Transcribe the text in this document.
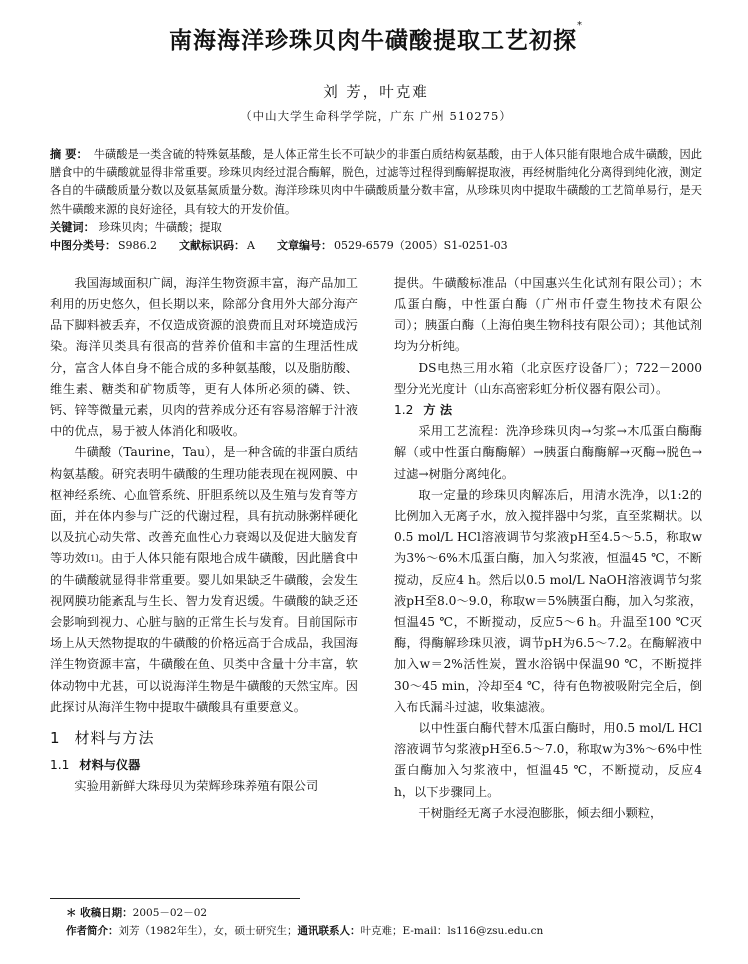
南海海洋珍珠贝肉牛磺酸提取工艺初探*
刘 芳，叶克难
（中山大学生命科学学院，广东 广州 510275）
摘 要： 牛磺酸是一类含硫的特殊氨基酸，是人体正常生长不可缺少的非蛋白质结构氨基酸，由于人体只能有限地合成牛磺酸，因此膳食中的牛磺酸就显得非常重要。珍珠贝肉经过混合酶解，脱色，过滤等过程得到酶解提取液，再经树脂纯化分离得到纯化液，测定各自的牛磺酸质量分数以及氨基氮质量分数。海洋珍珠贝肉中牛磺酸质量分数丰富，从珍珠贝肉中提取牛磺酸的工艺简单易行，是天然牛磺酸来源的良好途径，具有较大的开发价值。
关键词： 珍珠贝肉；牛磺酸；提取
中图分类号： S986.2 文献标识码： A 文章编号： 0529-6579（2005）S1-0251-03

我国海域面积广阔，海洋生物资源丰富，海产品加工利用的历史悠久，但长期以来，除部分食用外大部分海产品下脚料被丢弃，不仅造成资源的浪费而且对环境造成污染。海洋贝类具有很高的营养价值和丰富的生理活性成分，富含人体自身不能合成的多种氨基酸，以及脂肪酸、维生素、糖类和矿物质等，更有人体所必须的磷、铁、钙、锌等微量元素，贝肉的营养成分还有容易溶解于汁液中的优点，易于被人体消化和吸收。

牛磺酸（Taurine，Tau），是一种含硫的非蛋白质结构氨基酸。研究表明牛磺酸的生理功能表现在视网膜、中枢神经系统、心血管系统、肝胆系统以及生殖与发育等方面，并在体内参与广泛的代谢过程，具有抗动脉粥样硬化以及抗心动失常、改善充血性心力衰竭以及促进大脑发育等功效[1]。由于人体只能有限地合成牛磺酸，因此膳食中的牛磺酸就显得非常重要。婴儿如果缺乏牛磺酸，会发生视网膜功能紊乱与生长、智力发育迟缓。牛磺酸的缺乏还会影响到视力、心脏与脑的正常生长与发育。目前国际市场上从天然物提取的牛磺酸的价格远高于合成品，我国海洋生物资源丰富，牛磺酸在鱼、贝类中含量十分丰富，软体动物中尤甚，可以说海洋生物是牛磺酸的天然宝库。因此探讨从海洋生物中提取牛磺酸具有重要意义。

1 材料与方法
1.1 材料与仪器

实验用新鲜大珠母贝为荣辉珍珠养殖有限公司

提供。牛磺酸标准品（中国惠兴生化试剂有限公司）；木瓜蛋白酶，中性蛋白酶（广州市仟壹生物技术有限公司）；胰蛋白酶（上海伯奥生物科技有限公司）；其他试剂均为分析纯。

DS电热三用水箱（北京医疗设备厂）；722－2000型分光光度计（山东高密彩虹分析仪器有限公司）。

1.2 方 法

采用工艺流程：洗净珍珠贝肉→匀浆→木瓜蛋白酶酶解（或中性蛋白酶酶解）→胰蛋白酶酶解→灭酶→脱色→过滤→树脂分离纯化。

取一定量的珍珠贝肉解冻后，用清水洗净，以1:2的比例加入无离子水，放入搅拌器中匀浆，直至浆糊状。以0.5 mol/L HCl溶液调节匀浆液pH至4.5～5.5，称取w为3%～6%木瓜蛋白酶，加入匀浆液，恒温45 ℃，不断搅动，反应4 h。然后以0.5 mol/L NaOH溶液调节匀浆液pH至8.0～9.0，称取w＝5%胰蛋白酶，加入匀浆液，恒温45 ℃，不断搅动，反应5～6 h。升温至100 ℃灭酶，得酶解珍珠贝液，调节pH为6.5～7.2。在酶解液中加入w＝2%活性炭，置水浴锅中保温90 ℃，不断搅拌30～45 min，冷却至4 ℃，待有色物被吸附完全后，倒入布氏漏斗过滤，收集滤液。

以中性蛋白酶代替木瓜蛋白酶时，用0.5 mol/L HCl溶液调节匀浆液pH至6.5～7.0，称取w为3%～6%中性蛋白酶加入匀浆液中，恒温45 ℃，不断搅动，反应4 h，以下步骤同上。

干树脂经无离子水浸泡膨胀，倾去细小颗粒，

＊ 收稿日期：2005－02－02
作者简介：刘芳（1982年生），女，硕士研究生；通讯联系人：叶克难；E-mail：ls116@zsu.edu.cn
